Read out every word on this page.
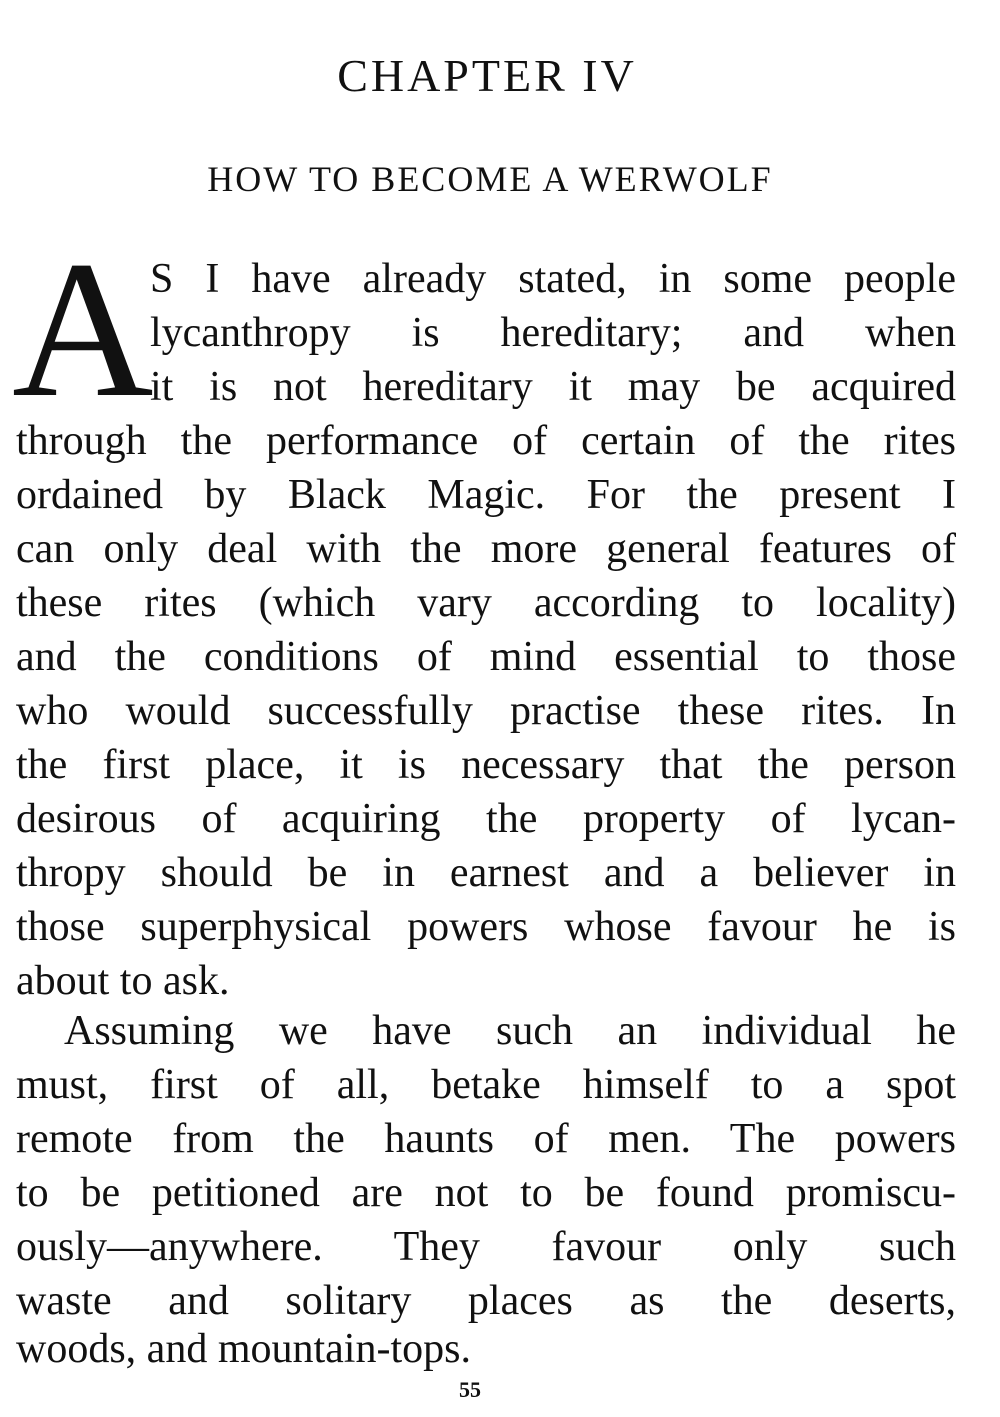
CHAPTER IV
HOW TO BECOME A WERWOLF
A
S I have already stated, in some people
lycanthropy is hereditary; and when
it is not hereditary it may be acquired
through the performance of certain of the rites
ordained by Black Magic. For the present I
can only deal with the more general features of
these rites (which vary according to locality)
and the conditions of mind essential to those
who would successfully practise these rites. In
the first place, it is necessary that the person
desirous of acquiring the property of lycan-
thropy should be in earnest and a believer in
those superphysical powers whose favour he is
about to ask.
Assuming we have such an individual he
must, first of all, betake himself to a spot
remote from the haunts of men. The powers
to be petitioned are not to be found promiscu-
ously—anywhere. They favour only such
waste and solitary places as the deserts,
woods, and mountain-tops.
55
